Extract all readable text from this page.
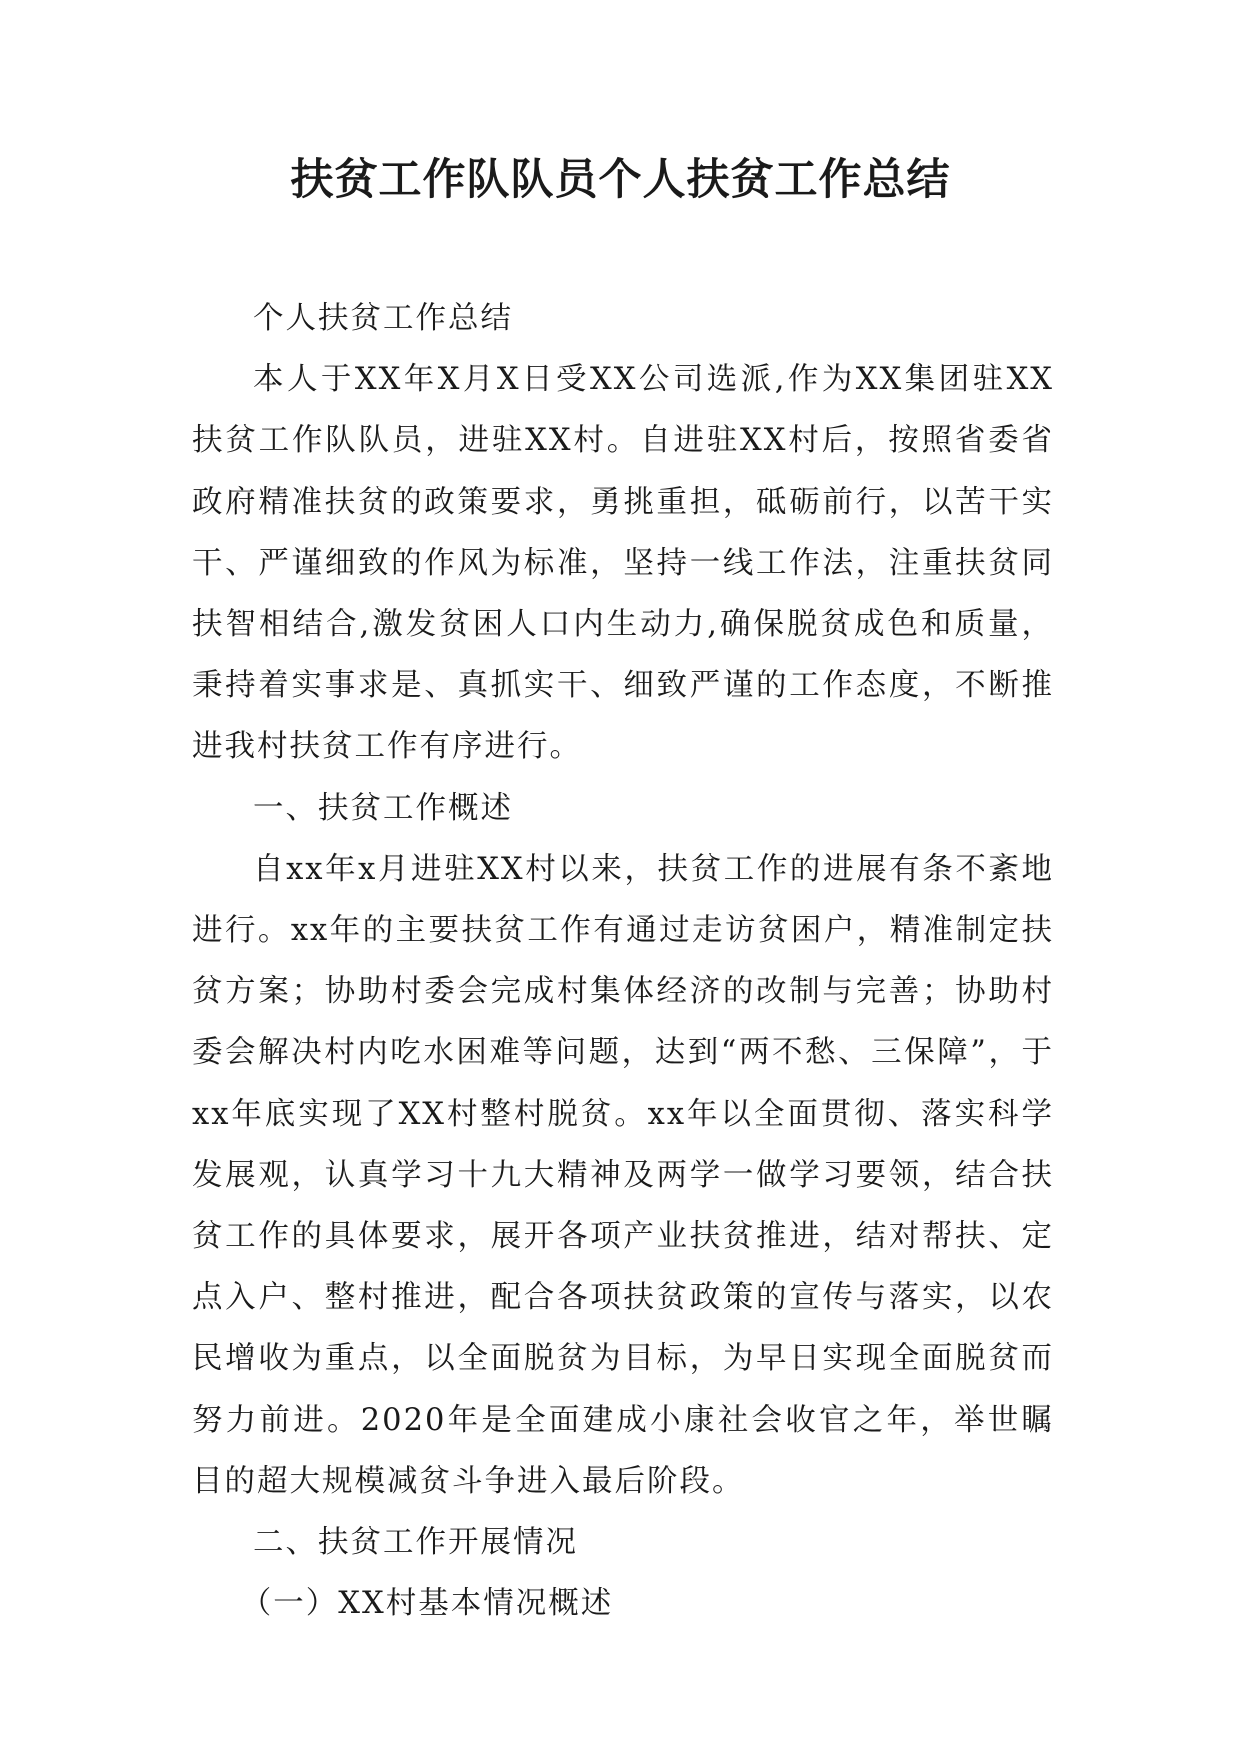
扶贫工作队队员个人扶贫工作总结

个人扶贫工作总结

本人于XX年X月X日受XX公司选派,作为XX集团驻XX扶贫工作队队员，进驻XX村。自进驻XX村后，按照省委省政府精准扶贫的政策要求，勇挑重担，砥砺前行，以苦干实干、严谨细致的作风为标准，坚持一线工作法，注重扶贫同扶智相结合,激发贫困人口内生动力,确保脱贫成色和质量，秉持着实事求是、真抓实干、细致严谨的工作态度，不断推进我村扶贫工作有序进行。

一、扶贫工作概述

自xx年x月进驻XX村以来，扶贫工作的进展有条不紊地进行。xx年的主要扶贫工作有通过走访贫困户，精准制定扶贫方案；协助村委会完成村集体经济的改制与完善；协助村委会解决村内吃水困难等问题，达到“两不愁、三保障”，于xx年底实现了XX村整村脱贫。xx年以全面贯彻、落实科学发展观，认真学习十九大精神及两学一做学习要领，结合扶贫工作的具体要求，展开各项产业扶贫推进，结对帮扶、定点入户、整村推进，配合各项扶贫政策的宣传与落实，以农民增收为重点，以全面脱贫为目标，为早日实现全面脱贫而努力前进。2020年是全面建成小康社会收官之年，举世瞩目的超大规模减贫斗争进入最后阶段。

二、扶贫工作开展情况

（一）XX村基本情况概述
